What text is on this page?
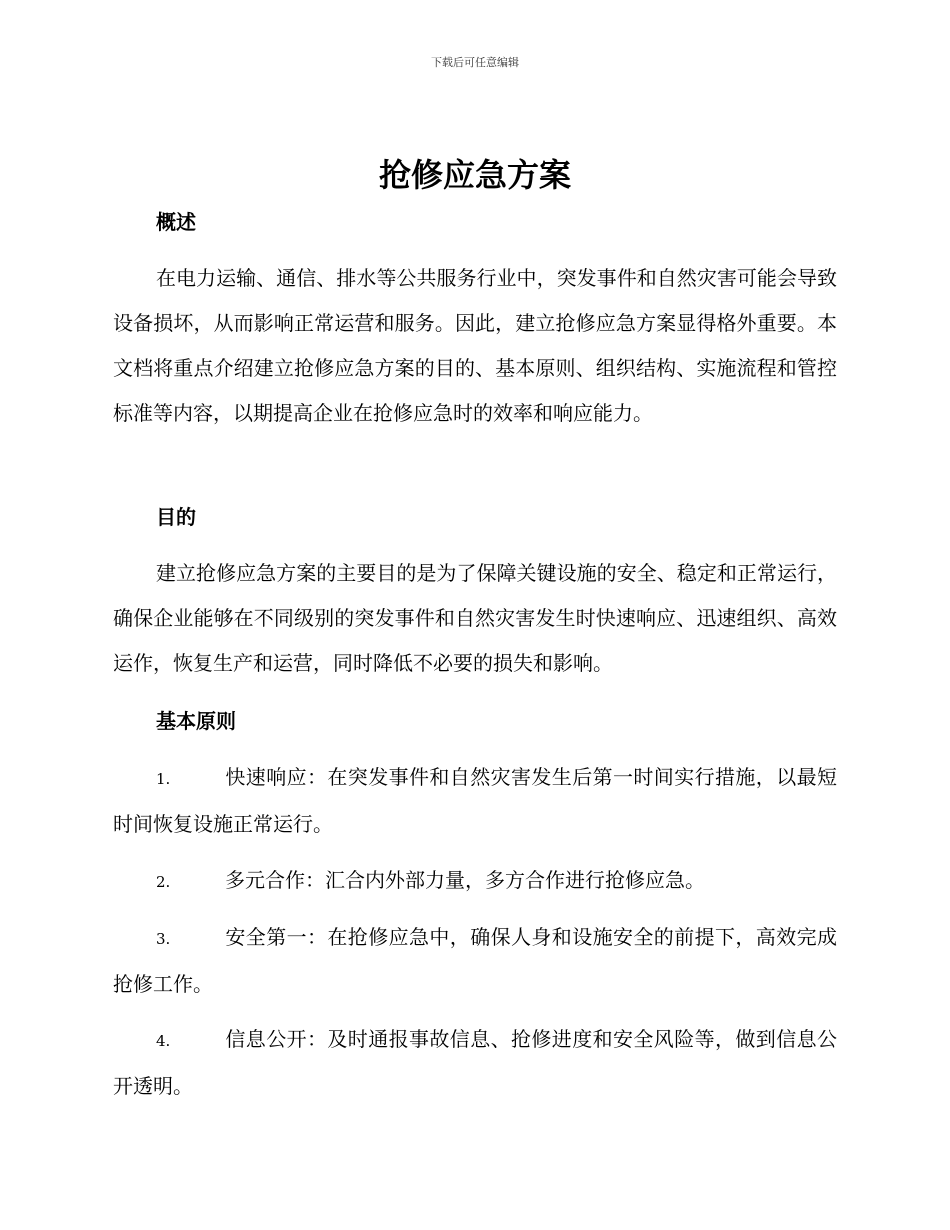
下载后可任意编辑
抢修应急方案
概述
在电力运输、通信、排水等公共服务行业中，突发事件和自然灾害可能会导致设备损坏，从而影响正常运营和服务。因此，建立抢修应急方案显得格外重要。本文档将重点介绍建立抢修应急方案的目的、基本原则、组织结构、实施流程和管控标准等内容，以期提高企业在抢修应急时的效率和响应能力。
目的
建立抢修应急方案的主要目的是为了保障关键设施的安全、稳定和正常运行，确保企业能够在不同级别的突发事件和自然灾害发生时快速响应、迅速组织、高效运作，恢复生产和运营，同时降低不必要的损失和影响。
基本原则
1.	快速响应：在突发事件和自然灾害发生后第一时间实行措施，以最短时间恢复设施正常运行。
2.	多元合作：汇合内外部力量，多方合作进行抢修应急。
3.	安全第一：在抢修应急中，确保人身和设施安全的前提下，高效完成抢修工作。
4.	信息公开：及时通报事故信息、抢修进度和安全风险等，做到信息公开透明。
